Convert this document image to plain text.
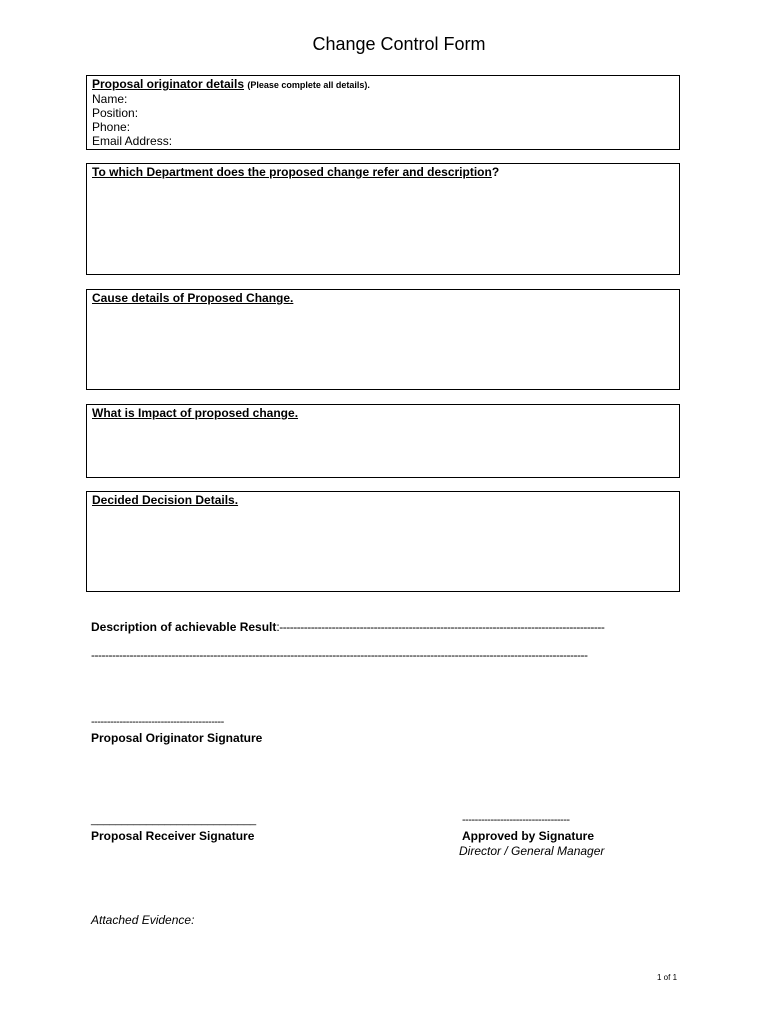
Change Control Form
Proposal originator details (Please complete all details).
Name:
Position:
Phone:
Email Address:
To which Department does the proposed change refer and description?
Cause details of Proposed Change.
What is Impact of proposed change.
Decided Decision Details.
Description of achievable Result:---------------------------------------------------------------------------------------------
----------------------------------------------------------------------------------------------------------------------------------------------
------------------------------------------
Proposal Originator Signature
___________________________
Proposal Receiver Signature
----------------------------------
Approved by Signature
Director / General Manager
Attached Evidence:
1 of 1
